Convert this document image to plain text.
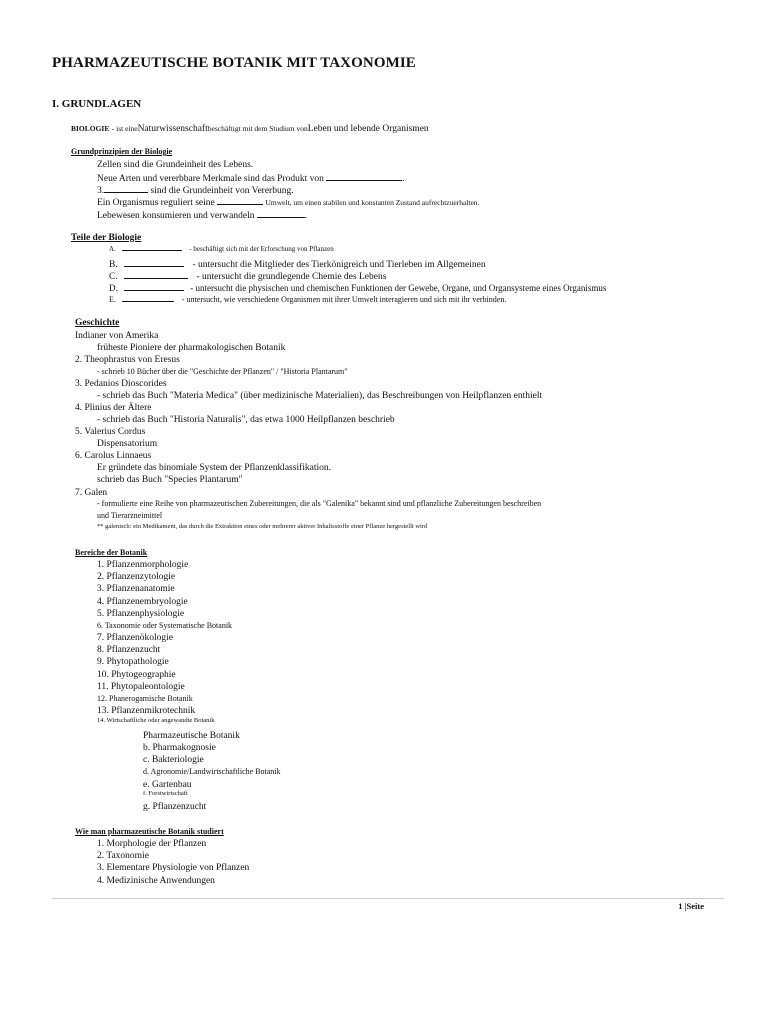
PHARMAZEUTISCHE BOTANIK MIT TAXONOMIE
I. GRUNDLAGEN
BIOLOGIE - ist eineNaturwissenschaftbeschäftigt mit dem Studium vonLeben und lebende Organismen
Grundprinzipien der Biologie
Zellen sind die Grundeinheit des Lebens.
Neue Arten und vererbbare Merkmale sind das Produkt von	.
3.	sind die Grundeinheit von Vererbung.
Ein Organismus reguliert seine	Umwelt, um einen stabilen und konstanten Zustand aufrechtzuerhalten.
Lebewesen konsumieren und verwandeln	.
Teile der Biologie
A.	- beschäftigt sich mit der Erforschung von Pflanzen
B.	- untersucht die Mitglieder des Tierkönigreich und Tierleben im Allgemeinen
C.	- untersucht die grundlegende Chemie des Lebens
D.	- untersucht die physischen und chemischen Funktionen der Gewebe, Organe, und Organsysteme eines Organismus
E.	- untersucht, wie verschiedene Organismen mit ihrer Umwelt interagieren und sich mit ihr verbinden.
Geschichte
Indianer von Amerika
früheste Pioniere der pharmakologischen Botanik
2. Theophrastus von Eresus
- schrieb 10 Bücher über die "Geschichte der Pflanzen" / "Historia Plantarum"
3. Pedanios Dioscorides
- schrieb das Buch "Materia Medica" (über medizinische Materialien), das Beschreibungen von Heilpflanzen enthielt
4. Plinius der Ältere
- schrieb das Buch "Historia Naturalis", das etwa 1000 Heilpflanzen beschrieb
5. Valerius Cordus
Dispensatorium
6. Carolus Linnaeus
Er gründete das binomiale System der Pflanzenklassifikation.
schrieb das Buch "Species Plantarum"
7. Galen
- formulierte eine Reihe von pharmazeutischen Zubereitungen, die als "Galenika" bekannt sind und pflanzliche Zubereitungen beschreiben
und Tierarzneimittel
** galenisch: ein Medikament, das durch die Extraktion eines oder mehrerer aktiver Inhaltsstoffe einer Pflanze hergestellt wird
Bereiche der Botanik
1. Pflanzenmorphologie
2. Pflanzenzytologie
3. Pflanzenanatomie
4. Pflanzenembryologie
5. Pflanzenphysiologie
6. Taxonomie oder Systematische Botanik
7. Pflanzenökologie
8. Pflanzenzucht
9. Phytopathologie
10. Phytogeographie
11. Phytopaleontologie
12. Phanerogamische Botanik
13. Pflanzenmikrotechnik
14. Wirtschaftliche oder angewandte Botanik
Pharmazeutische Botanik
b. Pharmakognosie
c. Bakteriologie
d. Agronomie/Landwirtschaftliche Botanik
e. Gartenbau
f. Forstwirtschaft
g. Pflanzenzucht
Wie man pharmazeutische Botanik studiert
1. Morphologie der Pflanzen
2. Taxonomie
3. Elementare Physiologie von Pflanzen
4. Medizinische Anwendungen
1 |Seite
